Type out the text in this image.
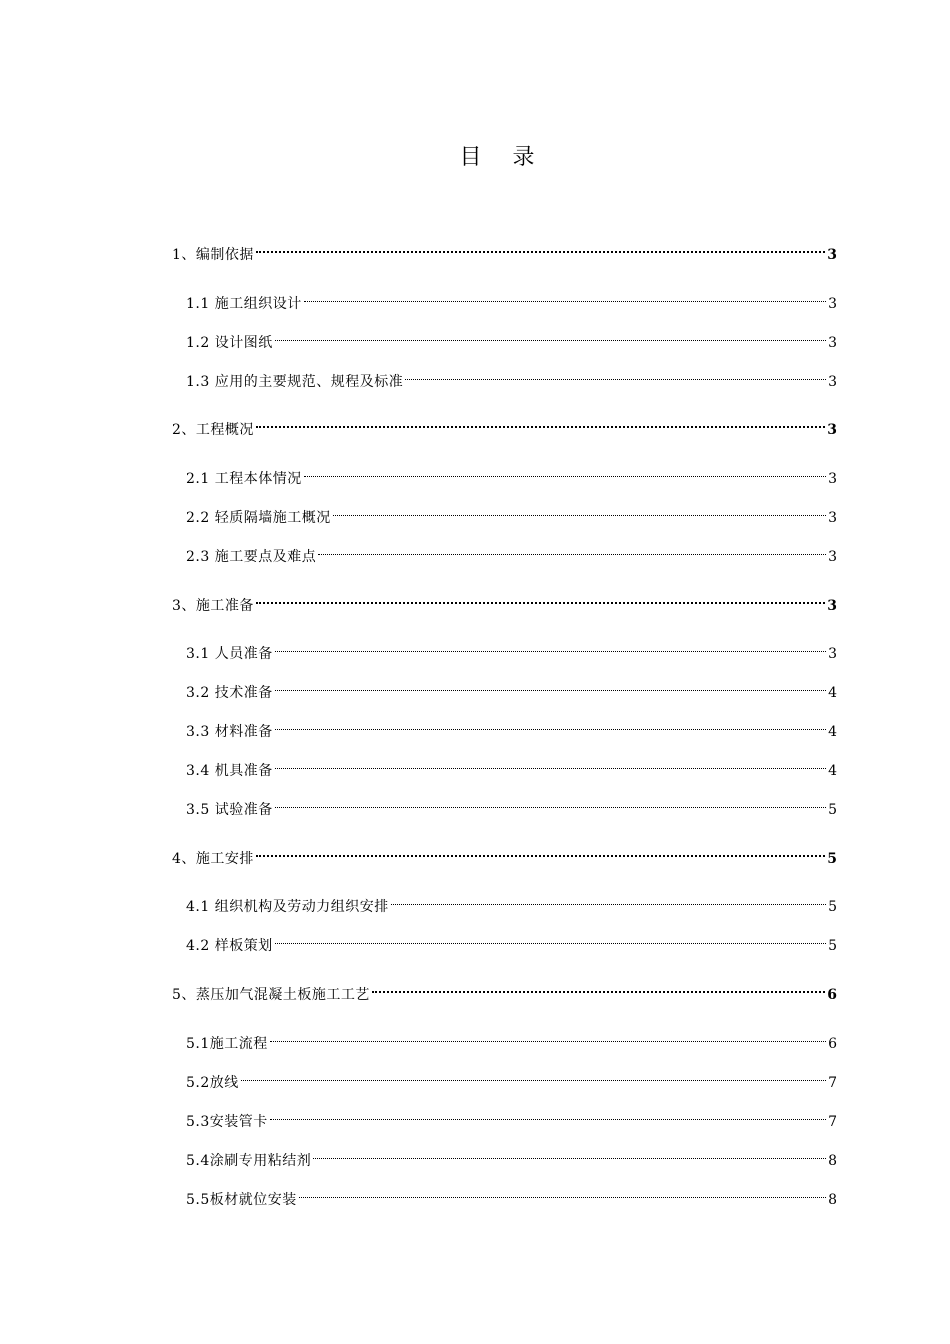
目 录
1、编制依据	3
1.1 施工组织设计	3
1.2 设计图纸	3
1.3 应用的主要规范、规程及标准	3
2、工程概况	3
2.1 工程本体情况	3
2.2 轻质隔墙施工概况	3
2.3 施工要点及难点	3
3、施工准备	3
3.1 人员准备	3
3.2 技术准备	4
3.3 材料准备	4
3.4 机具准备	4
3.5 试验准备	5
4、施工安排	5
4.1 组织机构及劳动力组织安排	5
4.2 样板策划	5
5、蒸压加气混凝土板施工工艺	6
5.1施工流程	6
5.2放线	7
5.3安装管卡	7
5.4涂刷专用粘结剂	8
5.5板材就位安装	8
